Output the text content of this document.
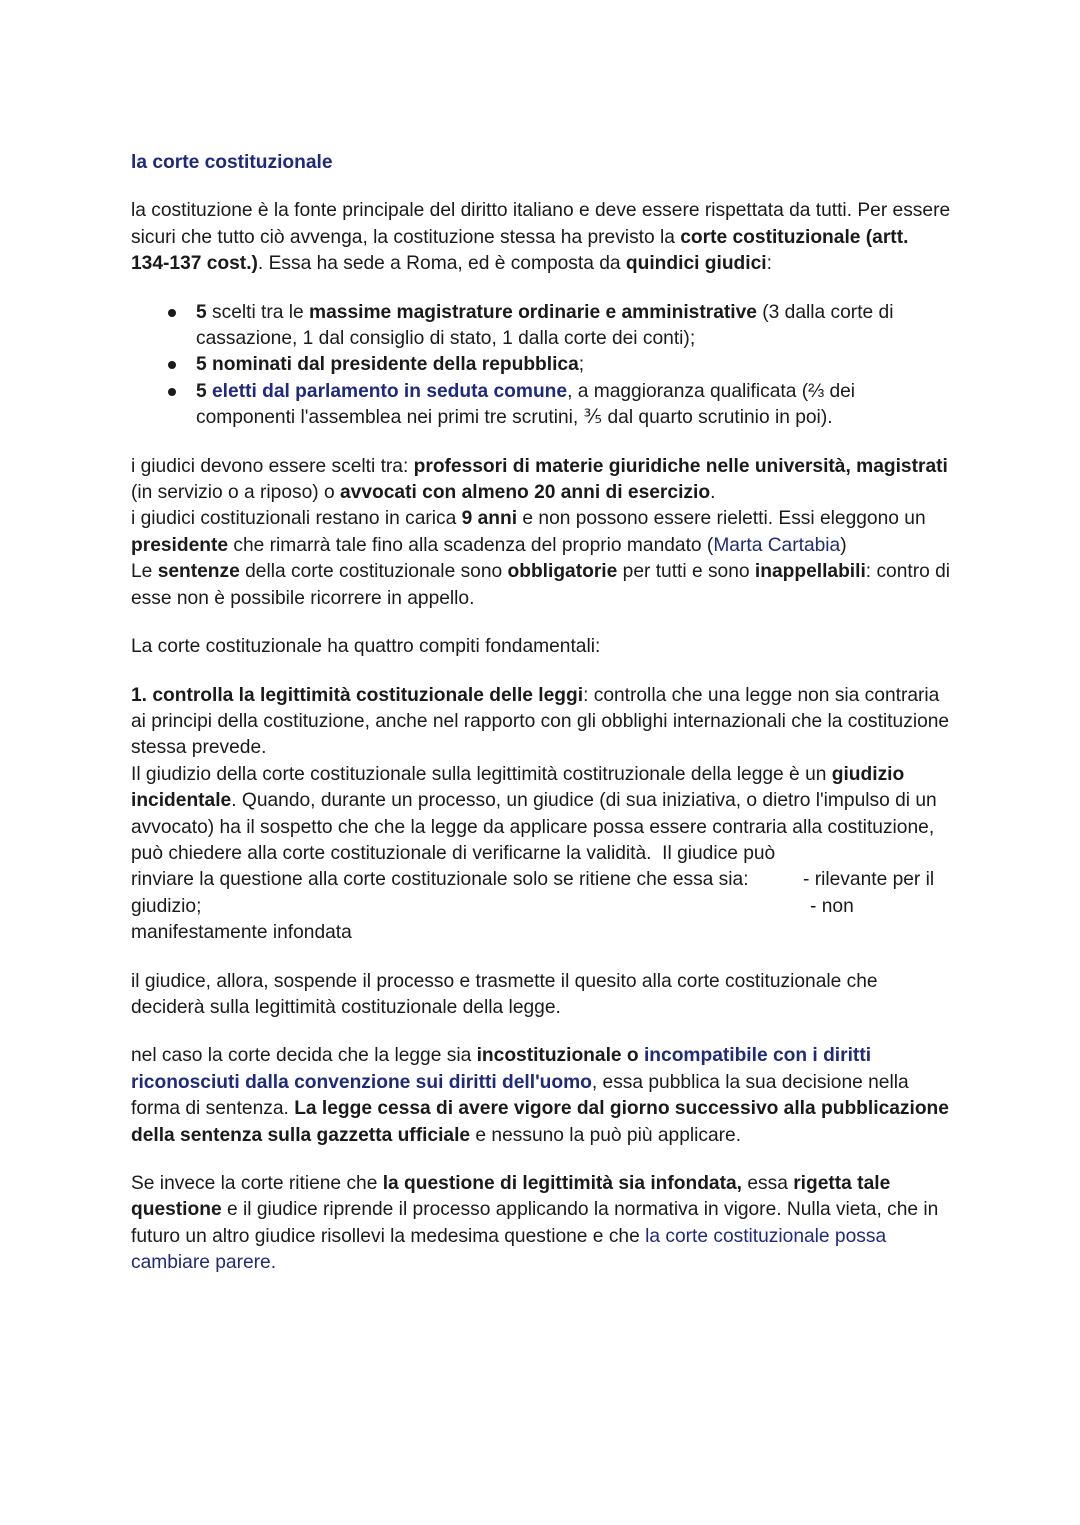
la corte costituzionale

la costituzione è la fonte principale del diritto italiano e deve essere rispettata da tutti. Per essere sicuri che tutto ciò avvenga, la costituzione stessa ha previsto la corte costituzionale (artt. 134-137 cost.). Essa ha sede a Roma, ed è composta da quindici giudici:

5 scelti tra le massime magistrature ordinarie e amministrative (3 dalla corte di cassazione, 1 dal consiglio di stato, 1 dalla corte dei conti);
5 nominati dal presidente della repubblica;
5 eletti dal parlamento in seduta comune, a maggioranza qualificata (⅔ dei componenti l'assemblea nei primi tre scrutini, ⅗ dal quarto scrutinio in poi).

i giudici devono essere scelti tra: professori di materie giuridiche nelle università, magistrati (in servizio o a riposo) o avvocati con almeno 20 anni di esercizio.
i giudici costituzionali restano in carica 9 anni e non possono essere rieletti. Essi eleggono un presidente che rimarrà tale fino alla scadenza del proprio mandato (Marta Cartabia)
Le sentenze della corte costituzionale sono obbligatorie per tutti e sono inappellabili: contro di esse non è possibile ricorrere in appello.

La corte costituzionale ha quattro compiti fondamentali:

1. controlla la legittimità costituzionale delle leggi: controlla che una legge non sia contraria ai principi della costituzione, anche nel rapporto con gli obblighi internazionali che la costituzione stessa prevede.
Il giudizio della corte costituzionale sulla legittimità costitruzionale della legge è un giudizio incidentale. Quando, durante un processo, un giudice (di sua iniziativa, o dietro l'impulso di un avvocato) ha il sospetto che che la legge da applicare possa essere contraria alla costituzione, può chiedere alla corte costituzionale di verificarne la validità. Il giudice può

rinviare la questione alla corte costituzionale solo se ritiene che essa sia:	- rilevante per il
giudizio;	- non
manifestamente infondata

il giudice, allora, sospende il processo e trasmette il quesito alla corte costituzionale che deciderà sulla legittimità costituzionale della legge.

nel caso la corte decida che la legge sia incostituzionale o incompatibile con i diritti riconosciuti dalla convenzione sui diritti dell'uomo, essa pubblica la sua decisione nella forma di sentenza. La legge cessa di avere vigore dal giorno successivo alla pubblicazione della sentenza sulla gazzetta ufficiale e nessuno la può più applicare.

Se invece la corte ritiene che la questione di legittimità sia infondata, essa rigetta tale questione e il giudice riprende il processo applicando la normativa in vigore. Nulla vieta, che in futuro un altro giudice risollevi la medesima questione e che la corte costituzionale possa cambiare parere.
